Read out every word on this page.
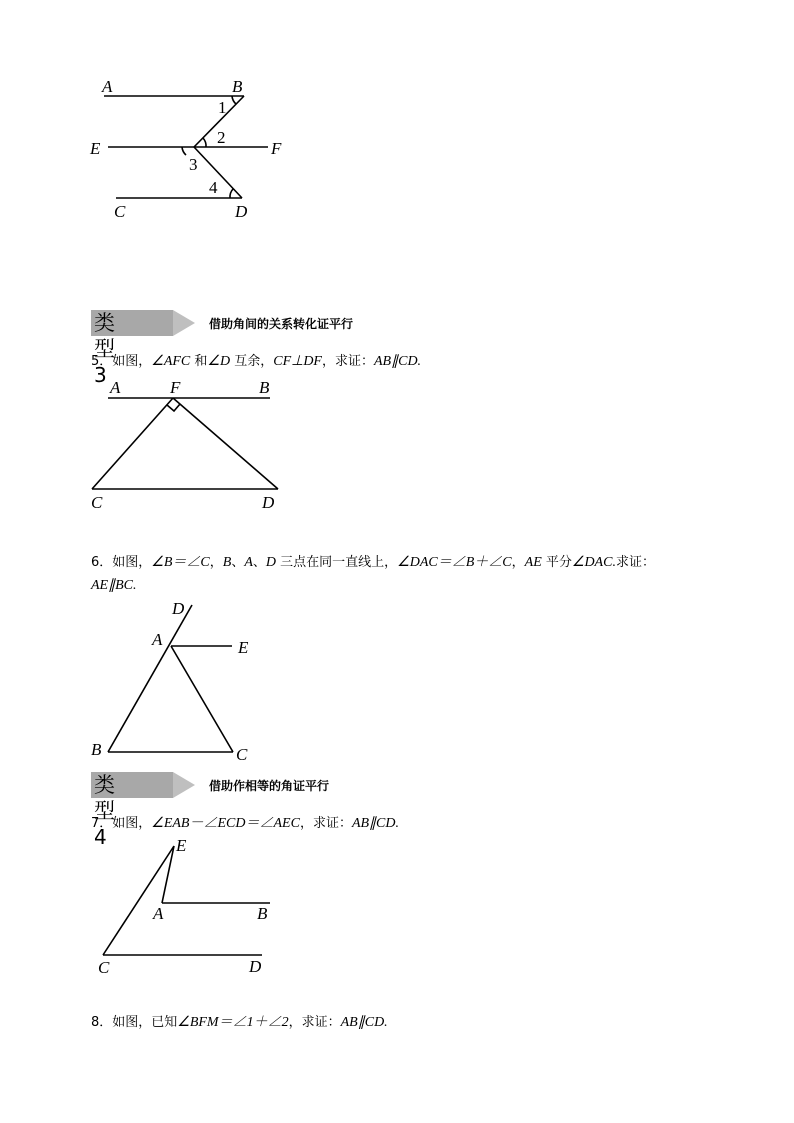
A	B
E	F
C	D
1
2
3
4
类型3
借助角间的关系转化证平行
5．如图，∠AFC 和∠D 互余，CF⊥DF，求证：AB∥CD.
A	F	B
C	D
6．如图，∠B＝∠C，B、A、D 三点在同一直线上，∠DAC＝∠B＋∠C，AE 平分∠DAC.求证：
AE∥BC.
D
A	E
B	C
类型4
借助作相等的角证平行
7．如图，∠EAB－∠ECD＝∠AEC，求证：AB∥CD.
E
A	B
C	D
8．如图，已知∠BFM＝∠1＋∠2，求证：AB∥CD.
